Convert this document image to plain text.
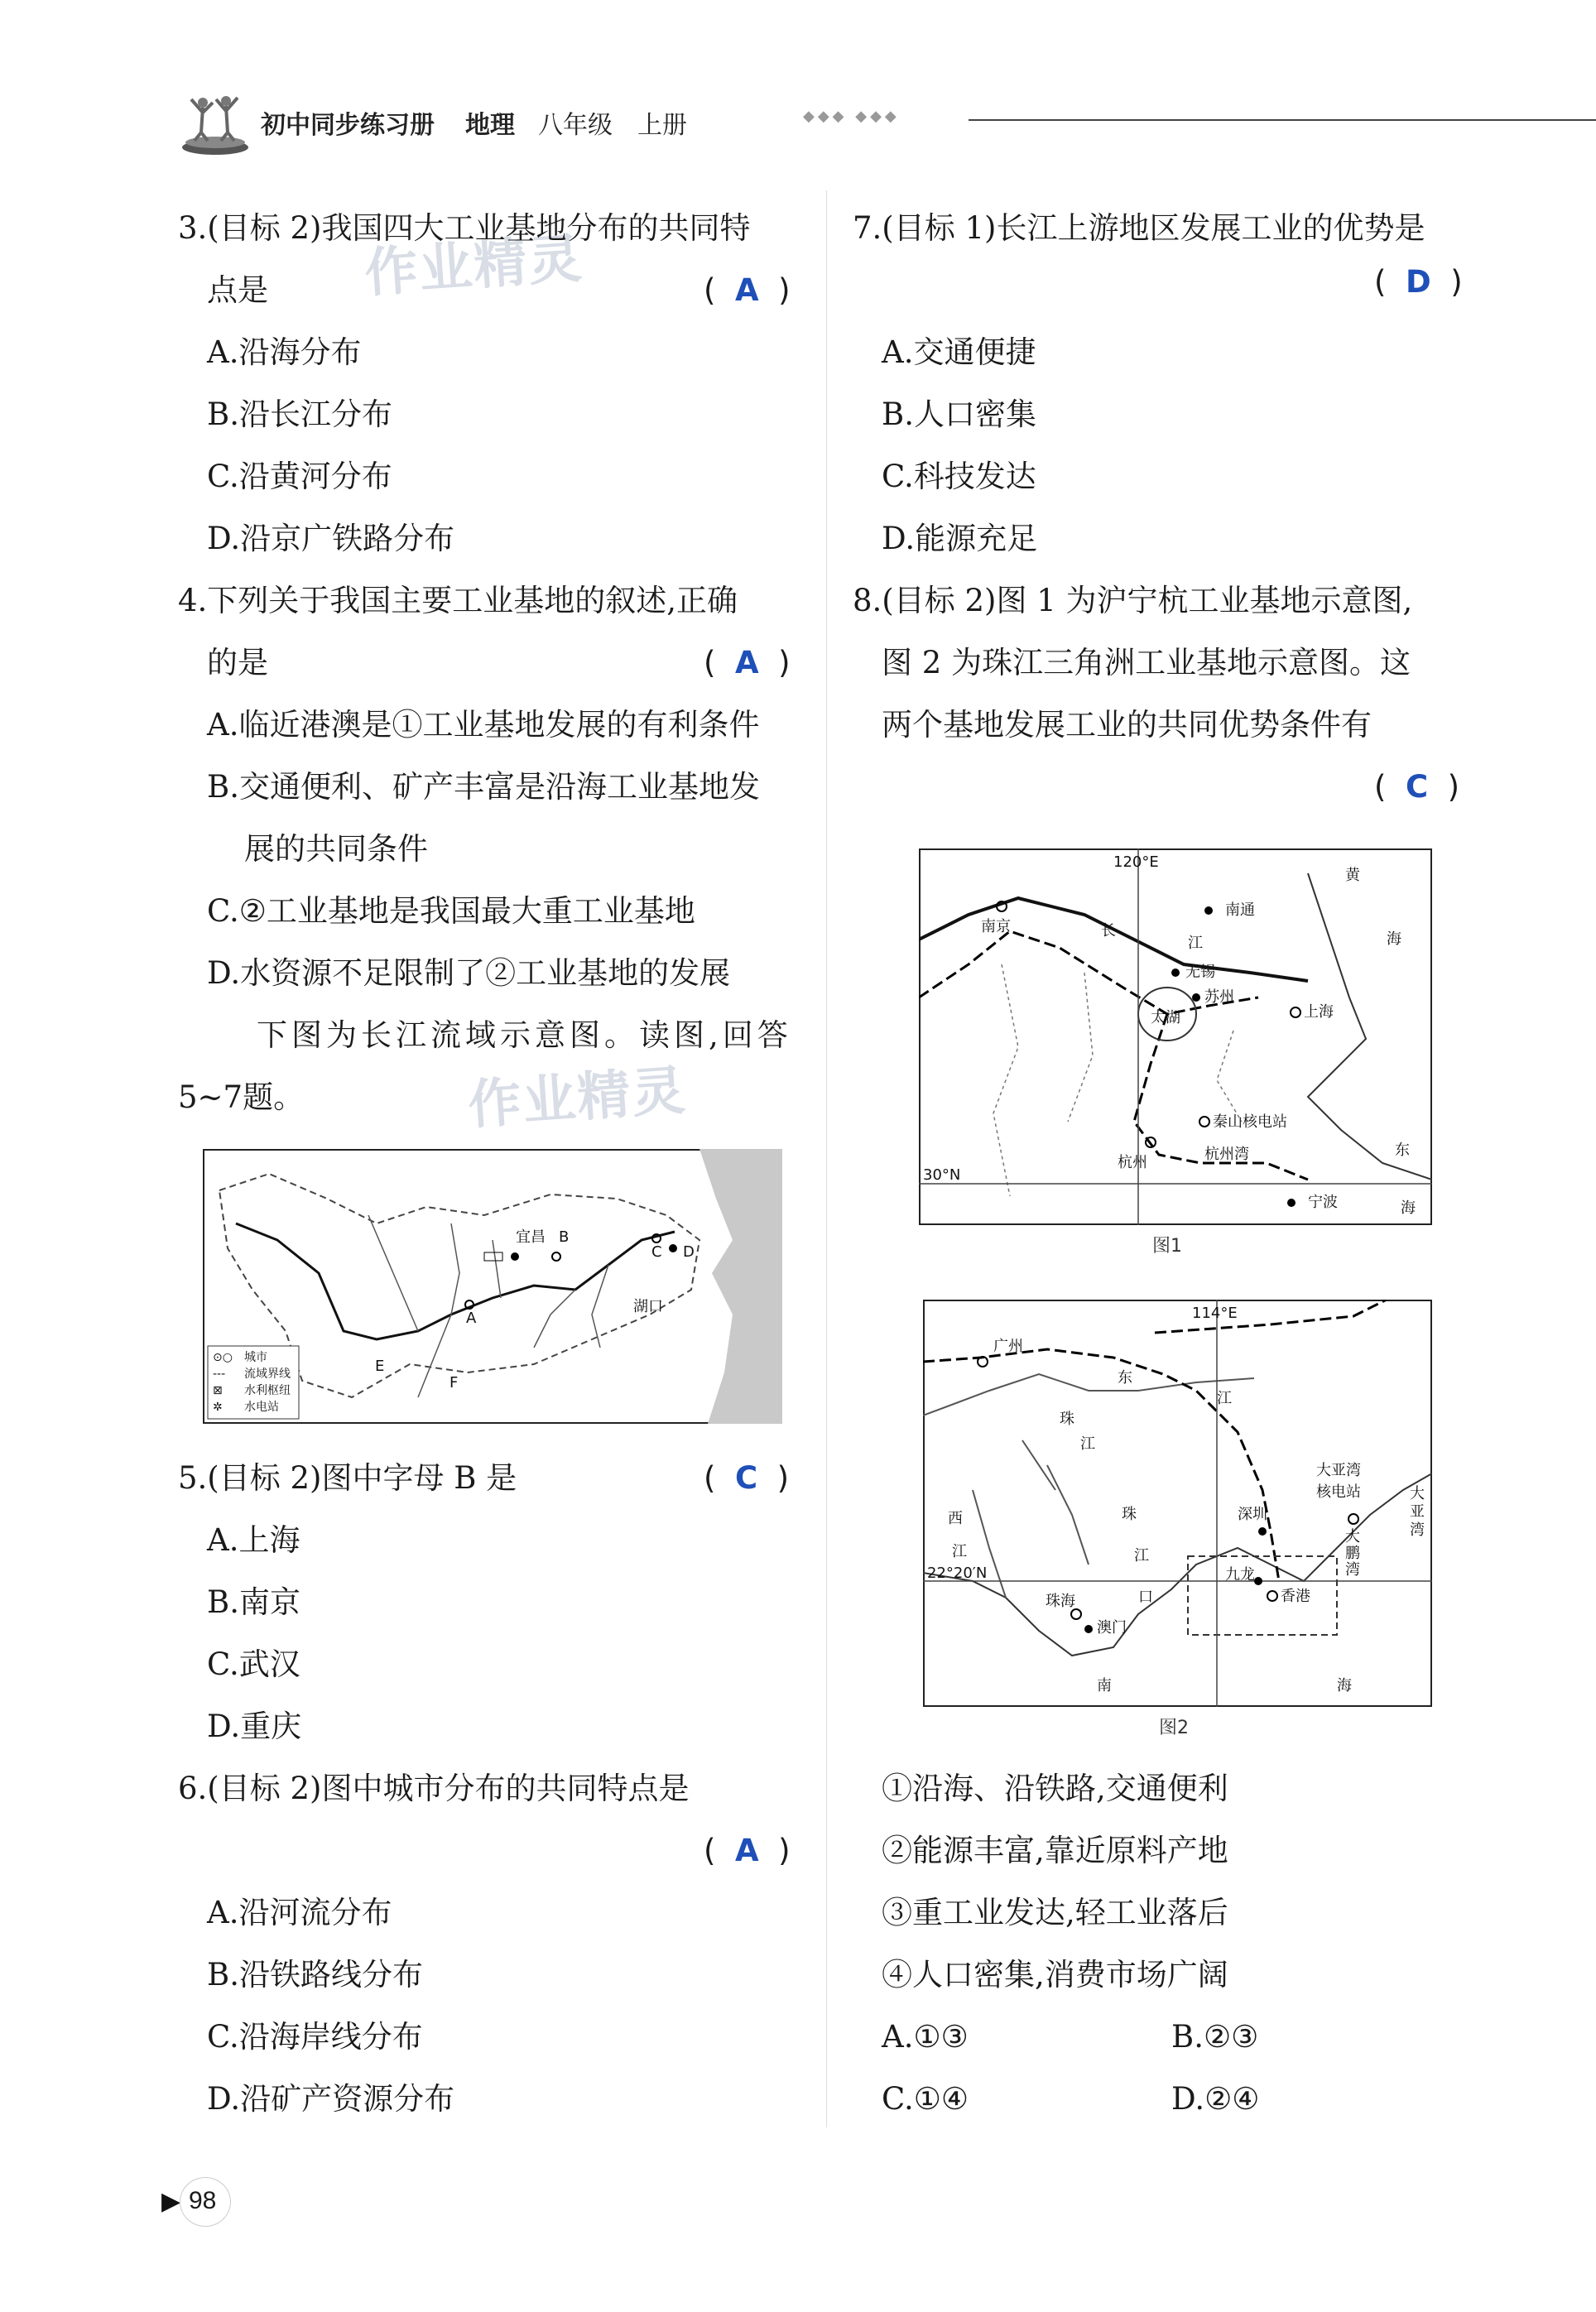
初中同步练习册 地理 八年级 上册	◆◆◆ ◆◆◆
作业精灵
作业精灵
3.(目标 2)我国四大工业基地分布的共同特
点是	( A )
A.沿海分布
B.沿长江分布
C.沿黄河分布
D.沿京广铁路分布
4.下列关于我国主要工业基地的叙述,正确
的是	( A )
A.临近港澳是①工业基地发展的有利条件
B.交通便利、矿产丰富是沿海工业基地发
展的共同条件
C.②工业基地是我国最大重工业基地
D.水资源不足限制了②工业基地的发展
下图为长江流域示意图。读图,回答
5~7题。
宜昌 B
A
C D
湖口
E
F
⊙○ 城市
‐‐‐ 流域界线
⊠ 水利枢纽
✲ 水电站
5.(目标 2)图中字母 B 是	( C )
A.上海
B.南京
C.武汉
D.重庆
6.(目标 2)图中城市分布的共同特点是
( A )
A.沿河流分布
B.沿铁路线分布
C.沿海岸线分布
D.沿矿产资源分布
7.(目标 1)长江上游地区发展工业的优势是
( D )
A.交通便捷
B.人口密集
C.科技发达
D.能源充足
8.(目标 2)图 1 为沪宁杭工业基地示意图,
图 2 为珠江三角洲工业基地示意图。这
两个基地发展工业的共同优势条件有
( C )
120°E
黄
海
南京	长
江
南通
无锡
苏州
太湖	上海
秦山核电站
杭州	杭州湾	东
30°N
宁波	海
图1
114°E
广州
东
江
珠
江
西
江
珠
江
口
大亚湾
核电站	大
亚
湾
深圳
大
鹏
湾
22°20′N
珠海
九龙
香港
澳门
南	海
图2
①沿海、沿铁路,交通便利
②能源丰富,靠近原料产地
③重工业发达,轻工业落后
④人口密集,消费市场广阔
A.①③	B.②③
C.①④	D.②④
▶ 98
